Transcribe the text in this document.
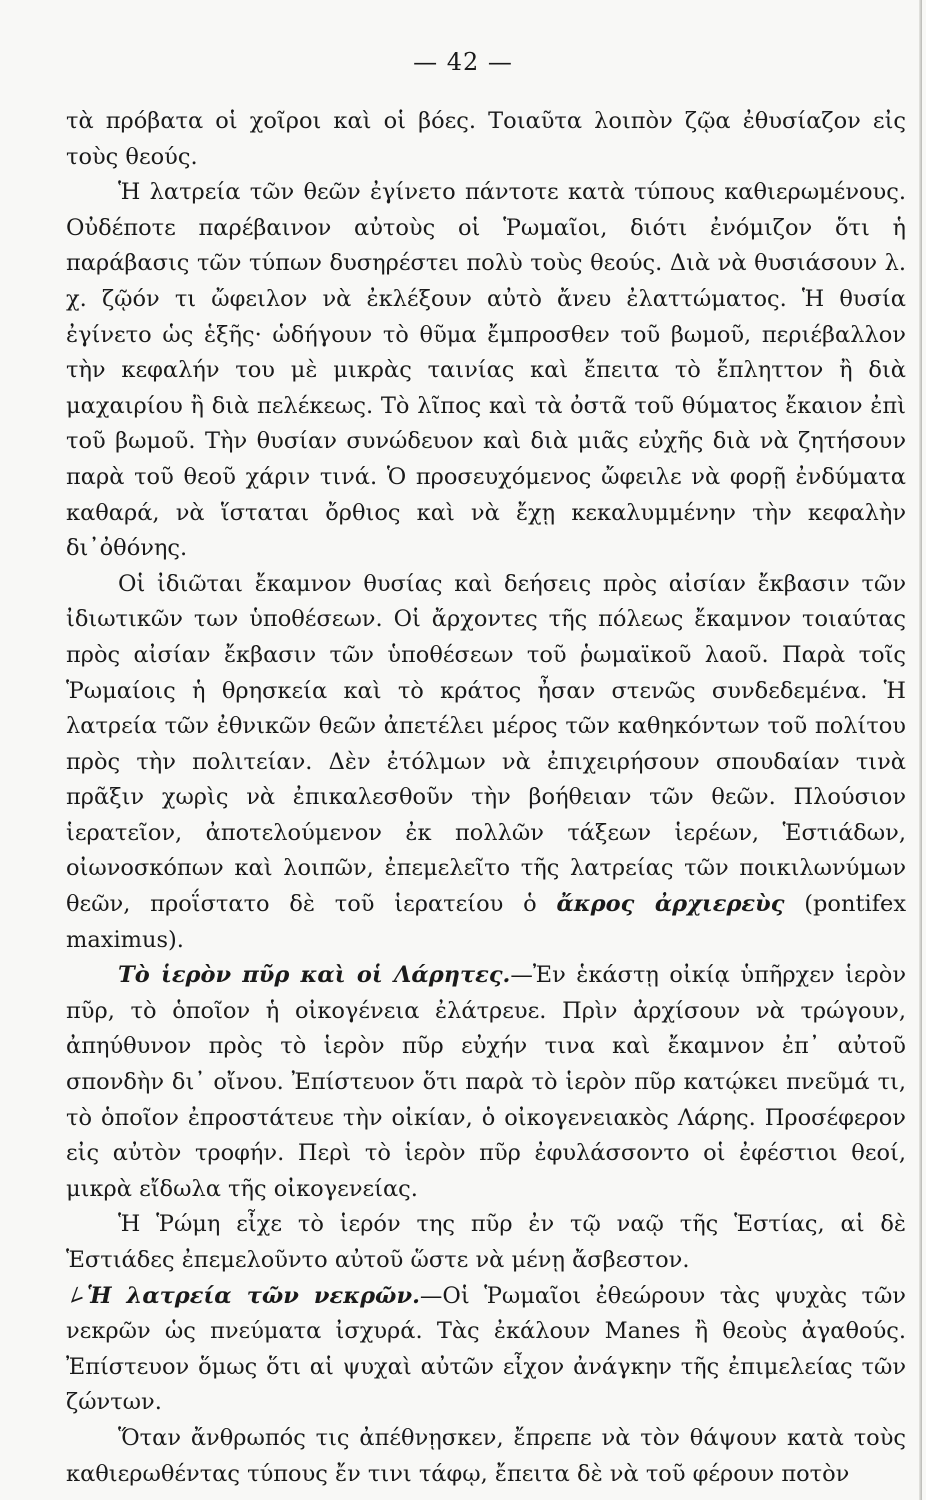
— 42 —

τὰ πρόβατα οἱ χοῖροι καὶ οἱ βόες. Τοιαῦτα λοιπὸν ζῷα ἐθυσίαζον εἰς τοὺς θεούς.

Ἡ λατρεία τῶν θεῶν ἐγίνετο πάντοτε κατὰ τύπους καθιερωμένους. Οὐδέποτε παρέβαινον αὐτοὺς οἱ Ῥωμαῖοι, διότι ἐνόμιζον ὅτι ἡ παράβασις τῶν τύπων δυσηρέστει πολὺ τοὺς θεούς. Διὰ νὰ θυσιάσουν λ. χ. ζῷόν τι ὤφειλον νὰ ἐκλέξουν αὐτὸ ἄνευ ἐλαττώματος. Ἡ θυσία ἐγίνετο ὡς ἑξῆς· ὡδήγουν τὸ θῦμα ἔμπροσθεν τοῦ βωμοῦ, περιέβαλλον τὴν κεφαλήν του μὲ μικρὰς ταινίας καὶ ἔπειτα τὸ ἔπληττον ἢ διὰ μαχαιρίου ἢ διὰ πελέκεως. Τὸ λῖπος καὶ τὰ ὀστᾶ τοῦ θύματος ἔκαιον ἐπὶ τοῦ βωμοῦ. Τὴν θυσίαν συνώδευον καὶ διὰ μιᾶς εὐχῆς διὰ νὰ ζητήσουν παρὰ τοῦ θεοῦ χάριν τινά. Ὁ προσευχόμενος ὤφειλε νὰ φορῇ ἐνδύματα καθαρά, νὰ ἵσταται ὄρθιος καὶ νὰ ἔχῃ κεκαλυμμένην τὴν κεφαλὴν δι᾿ὀθόνης.

Οἱ ἰδιῶται ἔκαμνον θυσίας καὶ δεήσεις πρὸς αἰσίαν ἔκβασιν τῶν ἰδιωτικῶν των ὑποθέσεων. Οἱ ἄρχοντες τῆς πόλεως ἔκαμνον τοιαύτας πρὸς αἰσίαν ἔκβασιν τῶν ὑποθέσεων τοῦ ῥωμαϊκοῦ λαοῦ. Παρὰ τοῖς Ῥωμαίοις ἡ θρησκεία καὶ τὸ κράτος ἦσαν στενῶς συνδεδεμένα. Ἡ λατρεία τῶν ἐθνικῶν θεῶν ἀπετέλει μέρος τῶν καθηκόντων τοῦ πολίτου πρὸς τὴν πολιτείαν. Δὲν ἐτόλμων νὰ ἐπιχειρήσουν σπουδαίαν τινὰ πρᾶξιν χωρὶς νὰ ἐπικαλεσθοῦν τὴν βοήθειαν τῶν θεῶν. Πλούσιον ἱερατεῖον, ἀποτελούμενον ἐκ πολλῶν τάξεων ἱερέων, Ἑστιάδων, οἰωνοσκόπων καὶ λοιπῶν, ἐπεμελεῖτο τῆς λατρείας τῶν ποικιλωνύμων θεῶν, προΐστατο δὲ τοῦ ἱερατείου ὁ ἄκρος ἀρχιερεὺς (pontifex maximus).

Τὸ ἱερὸν πῦρ καὶ οἱ Λάρητες.—Ἐν ἑκάστῃ οἰκίᾳ ὑπῆρχεν ἱερὸν πῦρ, τὸ ὁποῖον ἡ οἰκογένεια ἐλάτρευε. Πρὶν ἀρχίσουν νὰ τρώγουν, ἀπηύθυνον πρὸς τὸ ἱερὸν πῦρ εὐχήν τινα καὶ ἔκαμνον ἐπ᾿ αὐτοῦ σπονδὴν δι᾿ οἴνου. Ἐπίστευον ὅτι παρὰ τὸ ἱερὸν πῦρ κατῴκει πνεῦμά τι, τὸ ὁποῖον ἐπροστάτευε τὴν οἰκίαν, ὁ οἰκογενειακὸς Λάρης. Προσέφερον εἰς αὐτὸν τροφήν. Περὶ τὸ ἱερὸν πῦρ ἐφυλάσσοντο οἱ ἐφέστιοι θεοί, μικρὰ εἴδωλα τῆς οἰκογενείας.

Ἡ Ῥώμη εἶχε τὸ ἱερόν της πῦρ ἐν τῷ ναῷ τῆς Ἑστίας, αἱ δὲ Ἑστιάδες ἐπεμελοῦντο αὐτοῦ ὥστε νὰ μένῃ ἄσβεστον.

∠Ἡ λατρεία τῶν νεκρῶν.—Οἱ Ῥωμαῖοι ἐθεώρουν τὰς ψυχὰς τῶν νεκρῶν ὡς πνεύματα ἰσχυρά. Τὰς ἐκάλουν Manes ἢ θεοὺς ἀγαθούς. Ἐπίστευον ὅμως ὅτι αἱ ψυχαὶ αὐτῶν εἶχον ἀνάγκην τῆς ἐπιμελείας τῶν ζώντων.

Ὅταν ἄνθρωπός τις ἀπέθνῃσκεν, ἔπρεπε νὰ τὸν θάψουν κατὰ τοὺς καθιερωθέντας τύπους ἔν τινι τάφῳ, ἔπειτα δὲ νὰ τοῦ φέρουν ποτὸν
